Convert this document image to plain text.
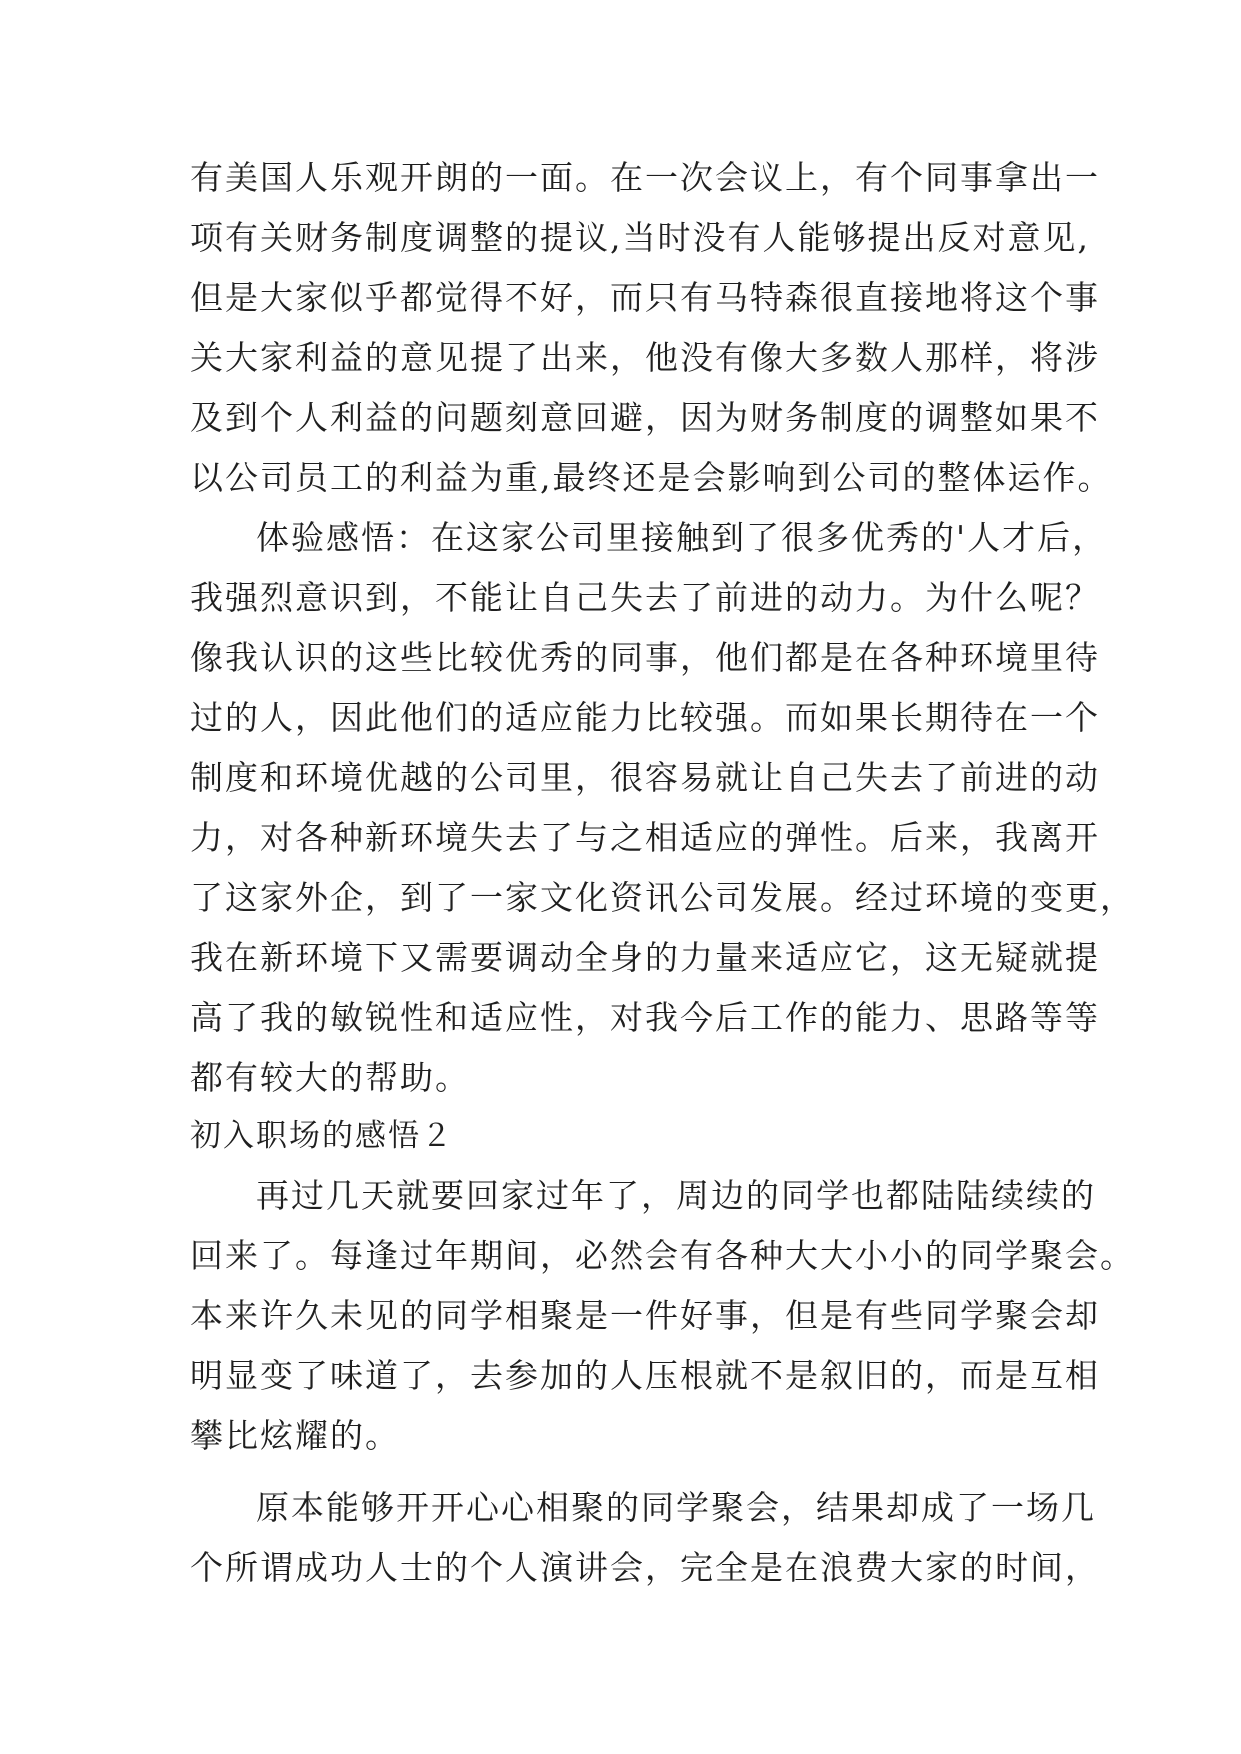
有美国人乐观开朗的一面。在一次会议上，有个同事拿出一
项有关财务制度调整的提议,当时没有人能够提出反对意见,
但是大家似乎都觉得不好，而只有马特森很直接地将这个事
关大家利益的意见提了出来，他没有像大多数人那样，将涉
及到个人利益的问题刻意回避，因为财务制度的调整如果不
以公司员工的利益为重,最终还是会影响到公司的整体运作。
体验感悟：在这家公司里接触到了很多优秀的'人才后，
我强烈意识到，不能让自己失去了前进的动力。为什么呢？
像我认识的这些比较优秀的同事，他们都是在各种环境里待
过的人，因此他们的适应能力比较强。而如果长期待在一个
制度和环境优越的公司里，很容易就让自己失去了前进的动
力，对各种新环境失去了与之相适应的弹性。后来，我离开
了这家外企，到了一家文化资讯公司发展。经过环境的变更，
我在新环境下又需要调动全身的力量来适应它，这无疑就提
高了我的敏锐性和适应性，对我今后工作的能力、思路等等
都有较大的帮助。
初入职场的感悟２
再过几天就要回家过年了，周边的同学也都陆陆续续的
回来了。每逢过年期间，必然会有各种大大小小的同学聚会。
本来许久未见的同学相聚是一件好事，但是有些同学聚会却
明显变了味道了，去参加的人压根就不是叙旧的，而是互相
攀比炫耀的。
原本能够开开心心相聚的同学聚会，结果却成了一场几
个所谓成功人士的个人演讲会，完全是在浪费大家的时间，
